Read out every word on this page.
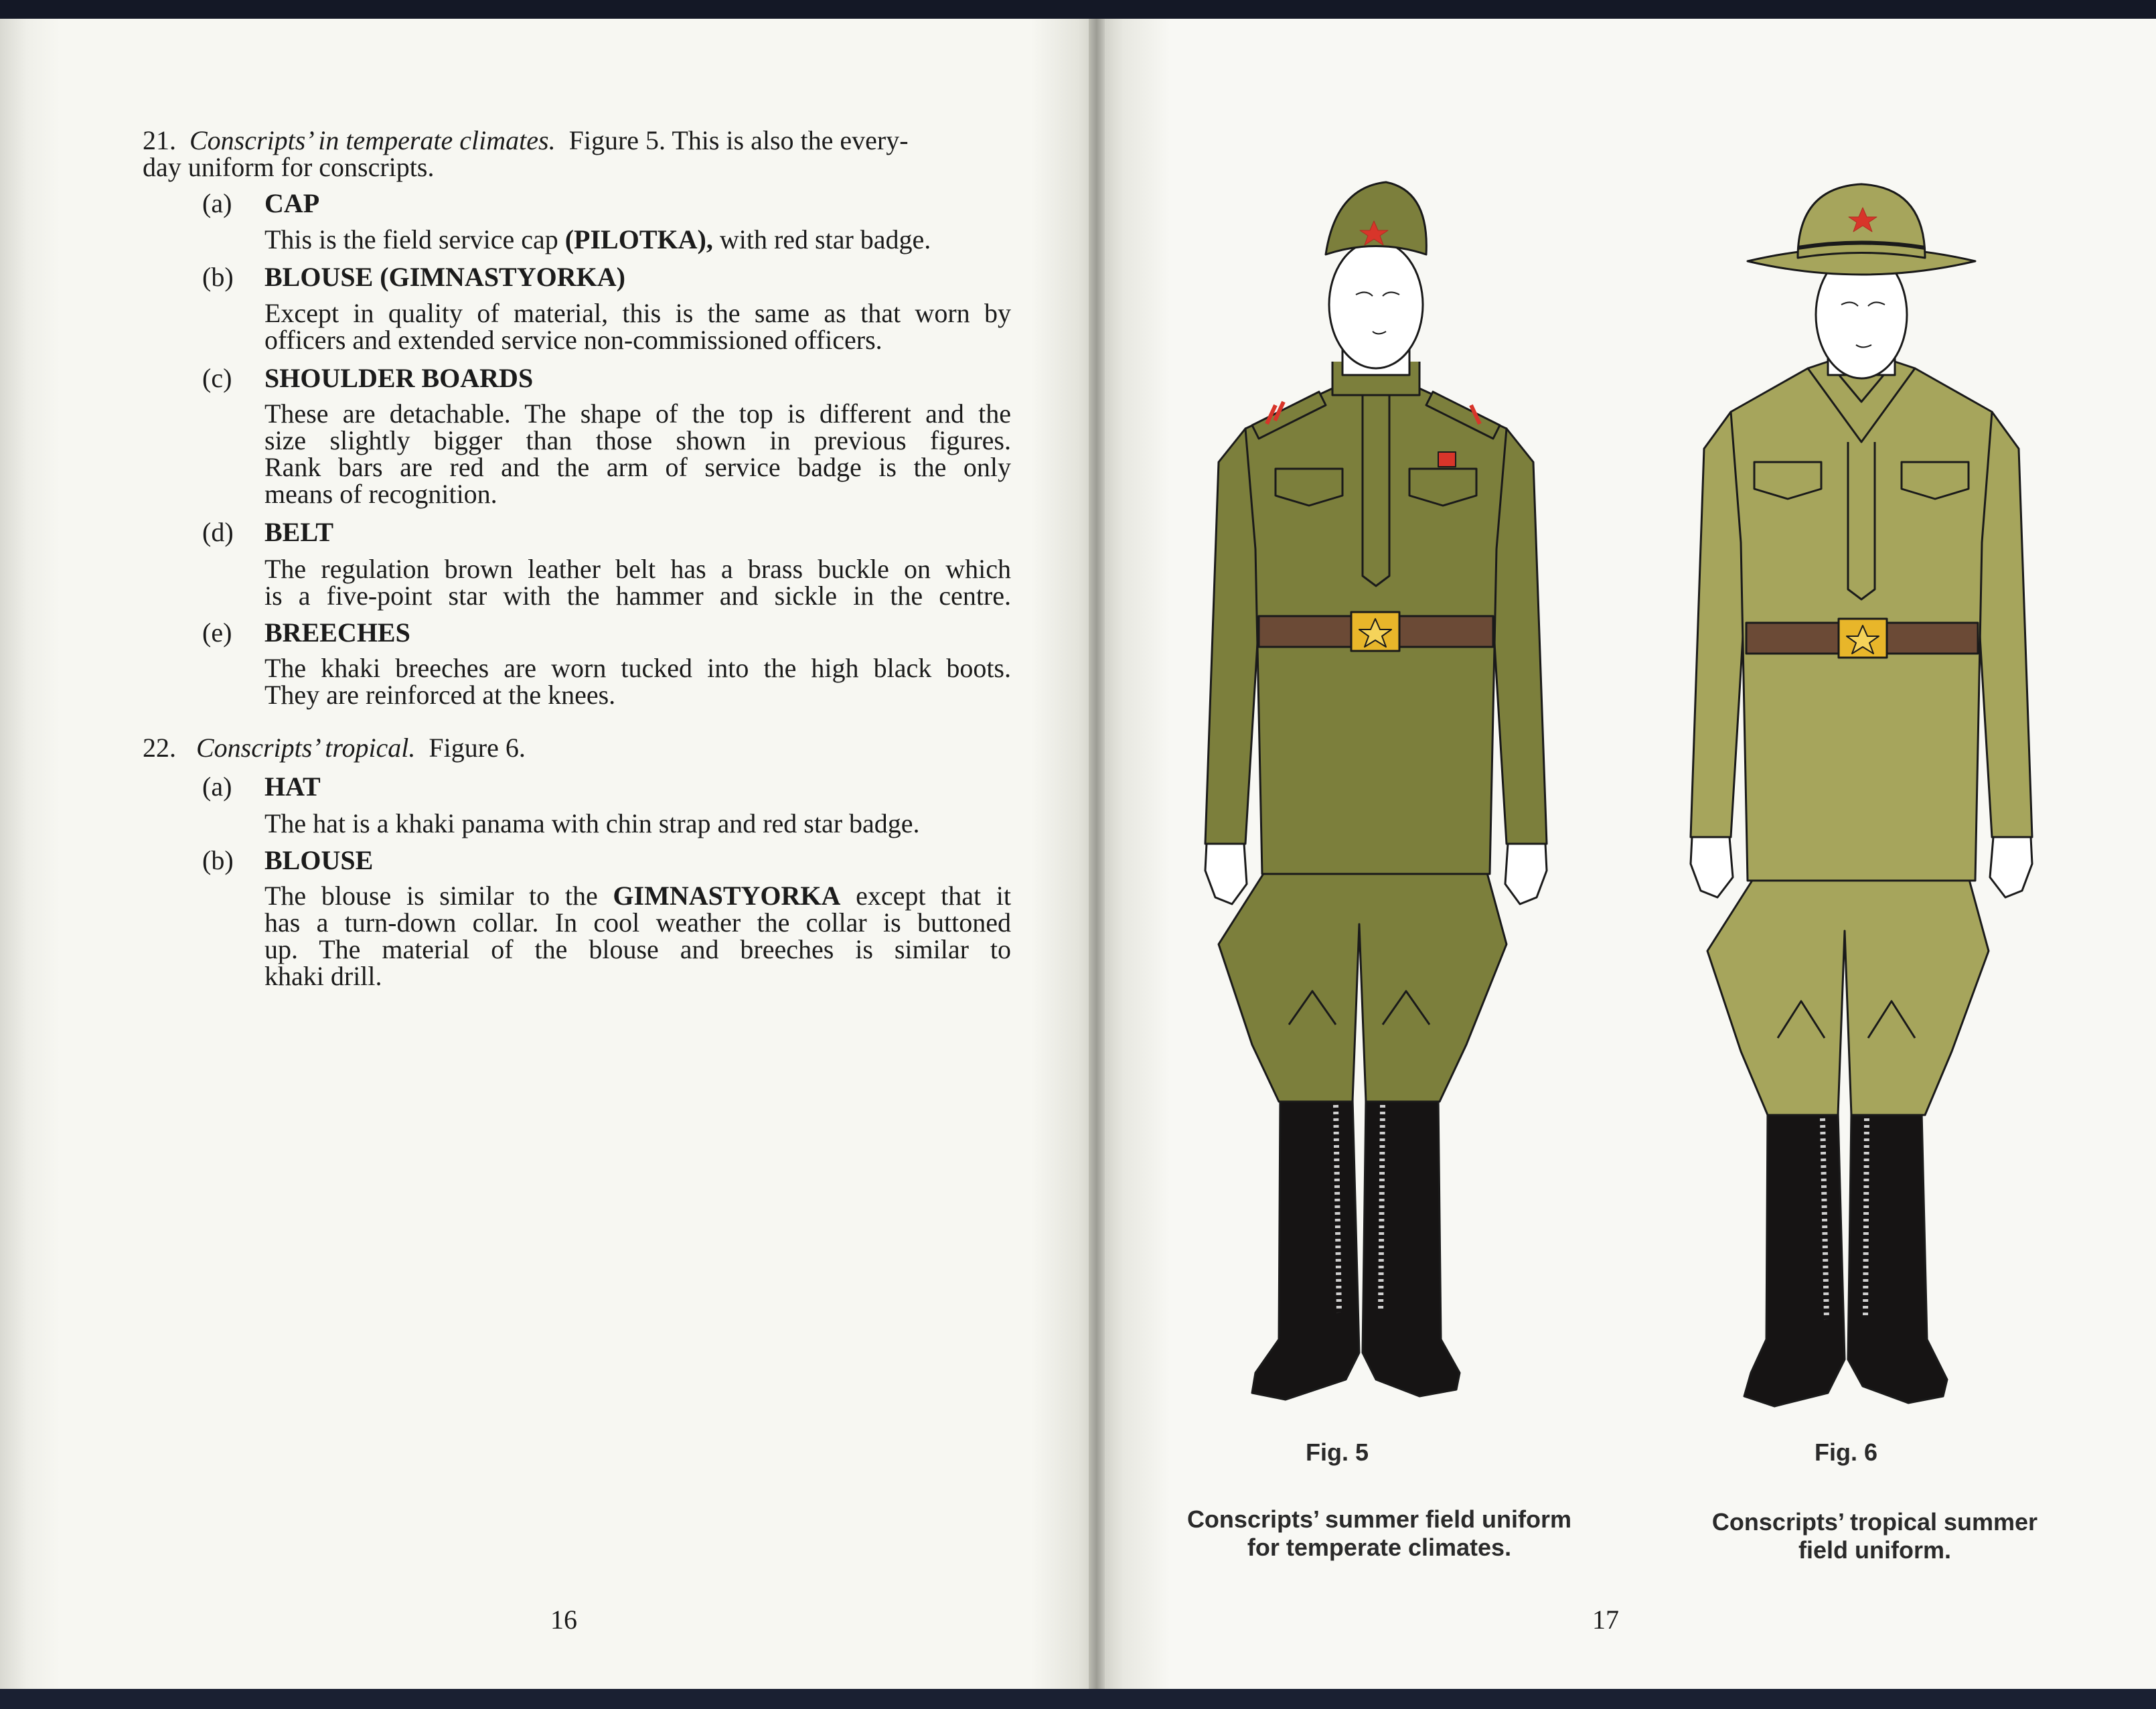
21. Conscripts’ in temperate climates. Figure 5. This is also the every-
day uniform for conscripts.
(a) CAP
This is the field service cap (PILOTKA), with red star badge.
(b) BLOUSE (GIMNASTYORKA)
Except in quality of material, this is the same as that worn by
officers and extended service non-commissioned officers.
(c) SHOULDER BOARDS
These are detachable. The shape of the top is different and the
size slightly bigger than those shown in previous figures.
Rank bars are red and the arm of service badge is the only
means of recognition.
(d) BELT
The regulation brown leather belt has a brass buckle on which
is a five-point star with the hammer and sickle in the centre.
(e) BREECHES
The khaki breeches are worn tucked into the high black boots.
They are reinforced at the knees.
22. Conscripts’ tropical. Figure 6.
(a) HAT
The hat is a khaki panama with chin strap and red star badge.
(b) BLOUSE
The blouse is similar to the GIMNASTYORKA except that it
has a turn-down collar. In cool weather the collar is buttoned
up. The material of the blouse and breeches is similar to
khaki drill.
16
Fig. 5
Conscripts’ summer field uniform
for temperate climates.
Fig. 6
Conscripts’ tropical summer
field uniform.
17
